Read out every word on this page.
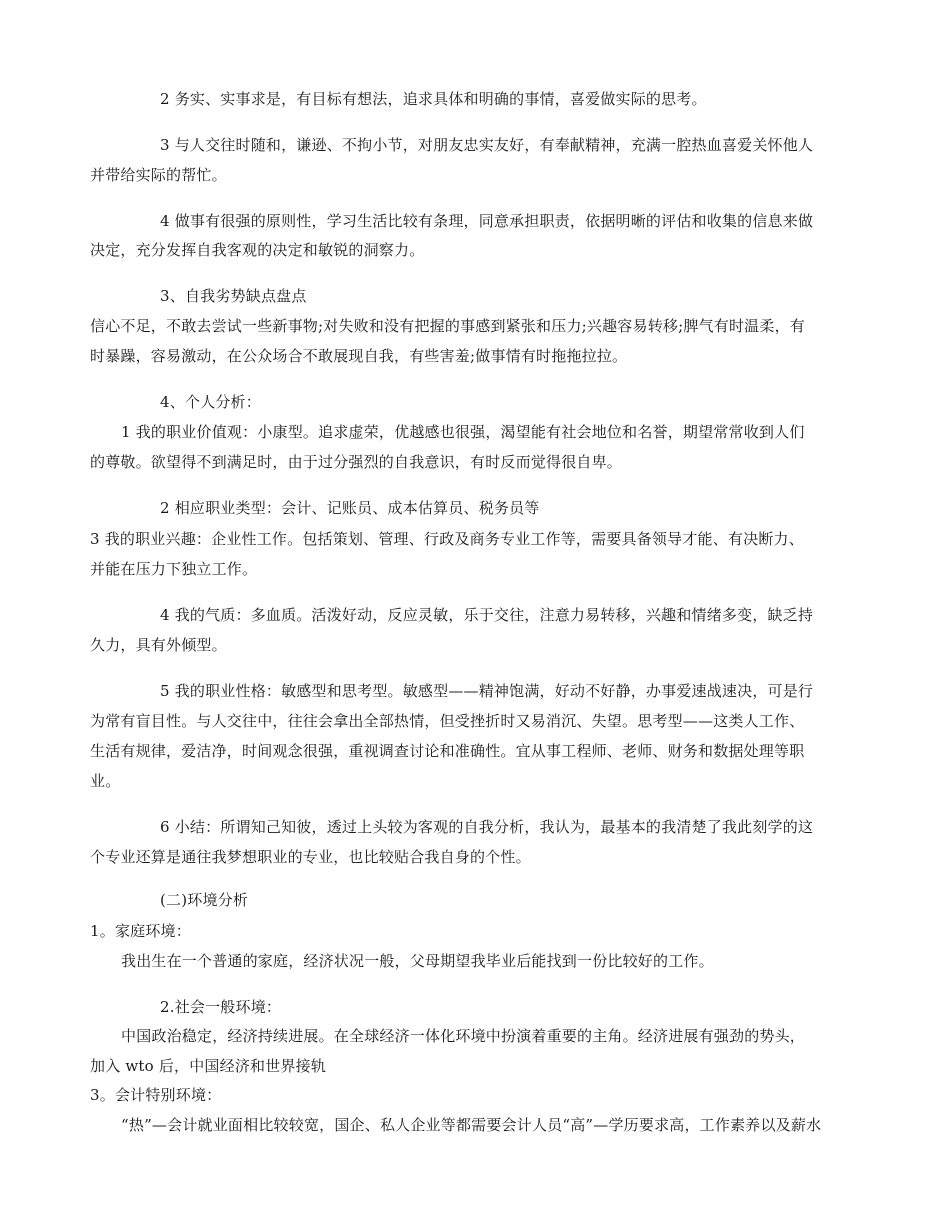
2 务实、实事求是，有目标有想法，追求具体和明确的事情，喜爱做实际的思考。
3 与人交往时随和，谦逊、不拘小节，对朋友忠实友好，有奉献精神，充满一腔热血喜爱关怀他人
并带给实际的帮忙。
4 做事有很强的原则性，学习生活比较有条理，同意承担职责，依据明晰的评估和收集的信息来做
决定，充分发挥自我客观的决定和敏锐的洞察力。
3、自我劣势缺点盘点
信心不足，不敢去尝试一些新事物;对失败和没有把握的事感到紧张和压力;兴趣容易转移;脾气有时温柔，有
时暴躁，容易激动，在公众场合不敢展现自我，有些害羞;做事情有时拖拖拉拉。
4、个人分析：
1 我的职业价值观：小康型。追求虚荣，优越感也很强，渴望能有社会地位和名誉，期望常常收到人们
的尊敬。欲望得不到满足时，由于过分强烈的自我意识，有时反而觉得很自卑。
2 相应职业类型：会计、记账员、成本估算员、税务员等
3 我的职业兴趣：企业性工作。包括策划、管理、行政及商务专业工作等，需要具备领导才能、有决断力、
并能在压力下独立工作。
4 我的气质：多血质。活泼好动，反应灵敏，乐于交往，注意力易转移，兴趣和情绪多变，缺乏持
久力，具有外倾型。
5 我的职业性格：敏感型和思考型。敏感型——精神饱满，好动不好静，办事爱速战速决，可是行
为常有盲目性。与人交往中，往往会拿出全部热情，但受挫折时又易消沉、失望。思考型——这类人工作、
生活有规律，爱洁净，时间观念很强，重视调查讨论和准确性。宜从事工程师、老师、财务和数据处理等职
业。
6 小结：所谓知己知彼，透过上头较为客观的自我分析，我认为，最基本的我清楚了我此刻学的这
个专业还算是通往我梦想职业的专业，也比较贴合我自身的个性。
(二)环境分析
1。家庭环境：
我出生在一个普通的家庭，经济状况一般，父母期望我毕业后能找到一份比较好的工作。
2.社会一般环境：
中国政治稳定，经济持续进展。在全球经济一体化环境中扮演着重要的主角。经济进展有强劲的势头，
加入 wto 后，中国经济和世界接轨
3。会计特别环境：
“热”—会计就业面相比较较宽，国企、私人企业等都需要会计人员“高”—学历要求高，工作素养以及薪水
